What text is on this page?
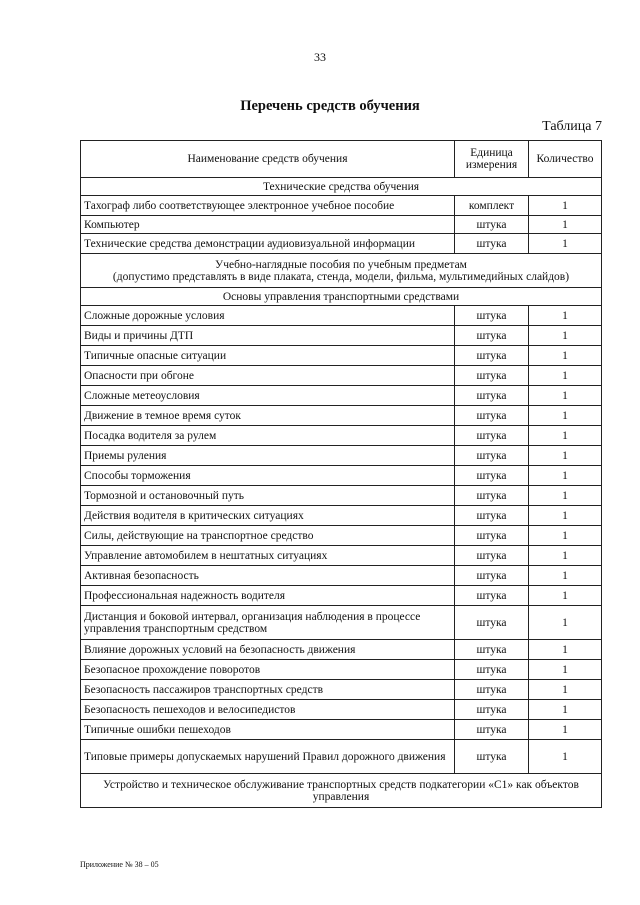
33
Перечень средств обучения
Таблица 7
Наименование средств обучения	Единица измерения	Количество
Технические средства обучения		
Тахограф либо соответствующее электронное учебное пособие	комплект	1
Компьютер	штука	1
Технические средства демонстрации аудиовизуальной информации	штука	1
Учебно-наглядные пособия по учебным предметам
(допустимо представлять в виде плаката, стенда, модели, фильма, мультимедийных слайдов)		
Основы управления транспортными средствами		
Сложные дорожные условия	штука	1
Виды и причины ДТП	штука	1
Типичные опасные ситуации	штука	1
Опасности при обгоне	штука	1
Сложные метеоусловия	штука	1
Движение в темное время суток	штука	1
Посадка водителя за рулем	штука	1
Приемы руления	штука	1
Способы торможения	штука	1
Тормозной и остановочный путь	штука	1
Действия водителя в критических ситуациях	штука	1
Силы, действующие на транспортное средство	штука	1
Управление автомобилем в нештатных ситуациях	штука	1
Активная безопасность	штука	1
Профессиональная надежность водителя	штука	1
Дистанция и боковой интервал, организация наблюдения в процессе управления транспортным средством	штука	1
Влияние дорожных условий на безопасность движения	штука	1
Безопасное прохождение поворотов	штука	1
Безопасность пассажиров транспортных средств	штука	1
Безопасность пешеходов и велосипедистов	штука	1
Типичные ошибки пешеходов	штука	1
Типовые примеры допускаемых нарушений Правил дорожного движения	штука	1
Устройство и техническое обслуживание транспортных средств подкатегории «С1» как объектов управления		
Приложение № 38 – 05
